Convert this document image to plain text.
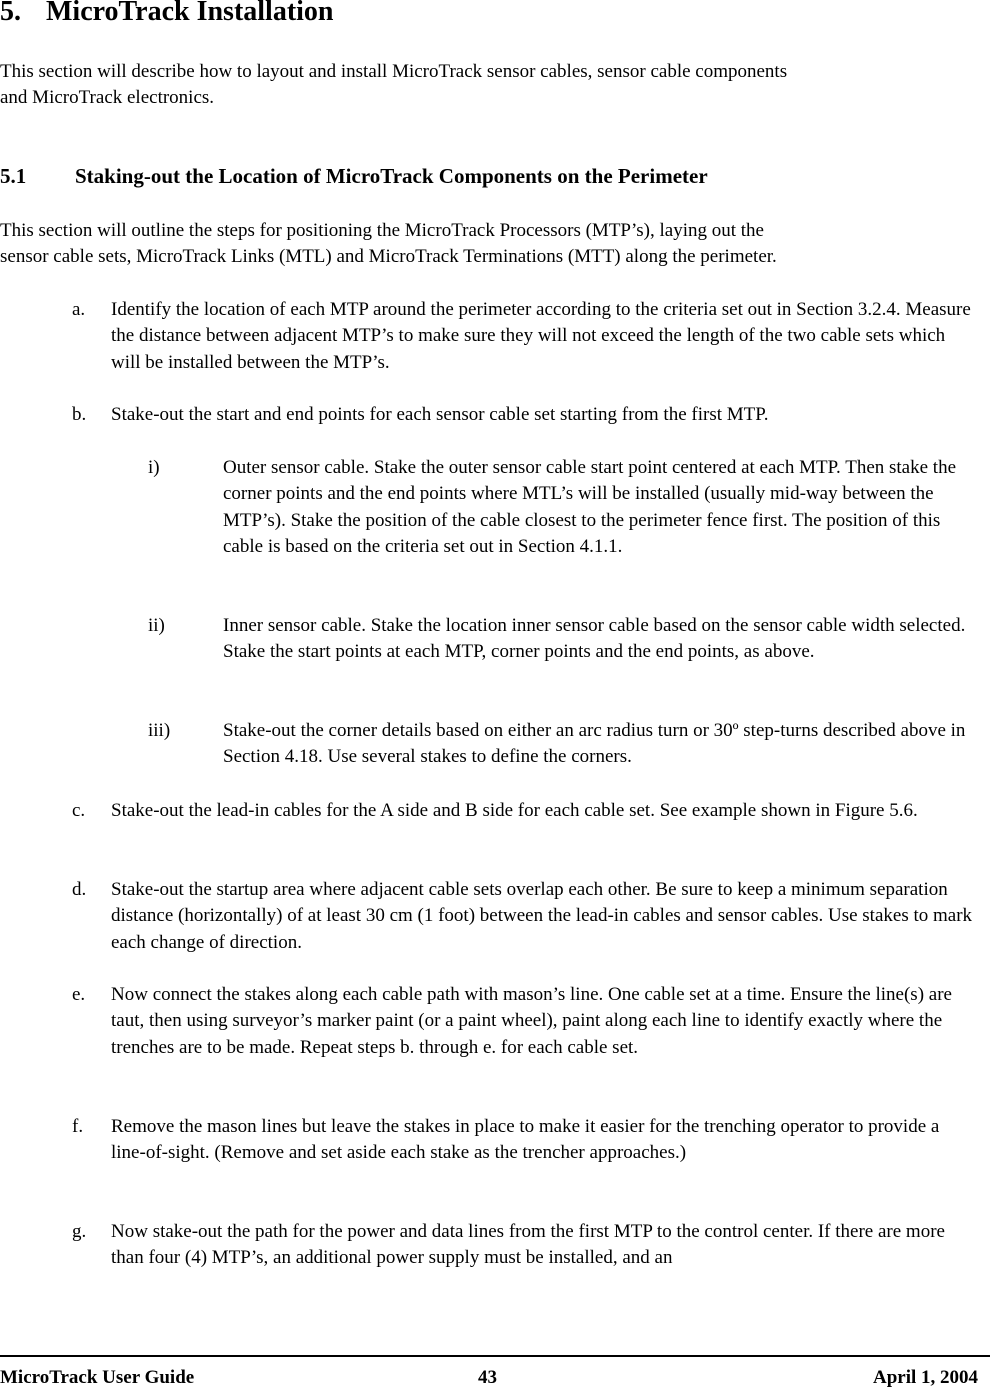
5. MicroTrack Installation
This section will describe how to layout and install MicroTrack sensor cables, sensor cable components
and MicroTrack electronics.
5.1 Staking-out the Location of MicroTrack Components on the Perimeter
This section will outline the steps for positioning the MicroTrack Processors (MTP’s), laying out the
sensor cable sets, MicroTrack Links (MTL) and MicroTrack Terminations (MTT) along the perimeter.
a. Identify the location of each MTP around the perimeter according to the criteria set out in Section 3.2.4. Measure the distance between adjacent MTP’s to make sure they will not exceed the length of the two cable sets which will be installed between the MTP’s.
b. Stake-out the start and end points for each sensor cable set starting from the first MTP.
i)	Outer sensor cable. Stake the outer sensor cable start point centered at each MTP. Then stake the corner points and the end points where MTL’s will be installed (usually mid-way between the MTP’s). Stake the position of the cable closest to the perimeter fence first. The position of this cable is based on the criteria set out in Section 4.1.1.
ii)	Inner sensor cable. Stake the location inner sensor cable based on the sensor cable width selected. Stake the start points at each MTP, corner points and the end points, as above.
iii)	Stake-out the corner details based on either an arc radius turn or 30º step-turns described above in Section 4.18. Use several stakes to define the corners.
c. Stake-out the lead-in cables for the A side and B side for each cable set. See example shown in Figure 5.6.
d. Stake-out the startup area where adjacent cable sets overlap each other. Be sure to keep a minimum separation distance (horizontally) of at least 30 cm (1 foot) between the lead-in cables and sensor cables. Use stakes to mark each change of direction.
e. Now connect the stakes along each cable path with mason’s line. One cable set at a time. Ensure the line(s) are taut, then using surveyor’s marker paint (or a paint wheel), paint along each line to identify exactly where the trenches are to be made. Repeat steps b. through e. for each cable set.
f. Remove the mason lines but leave the stakes in place to make it easier for the trenching operator to provide a line-of-sight. (Remove and set aside each stake as the trencher approaches.)
g. Now stake-out the path for the power and data lines from the first MTP to the control center. If there are more than four (4) MTP’s, an additional power supply must be installed, and an
MicroTrack User Guide	43	April 1, 2004
